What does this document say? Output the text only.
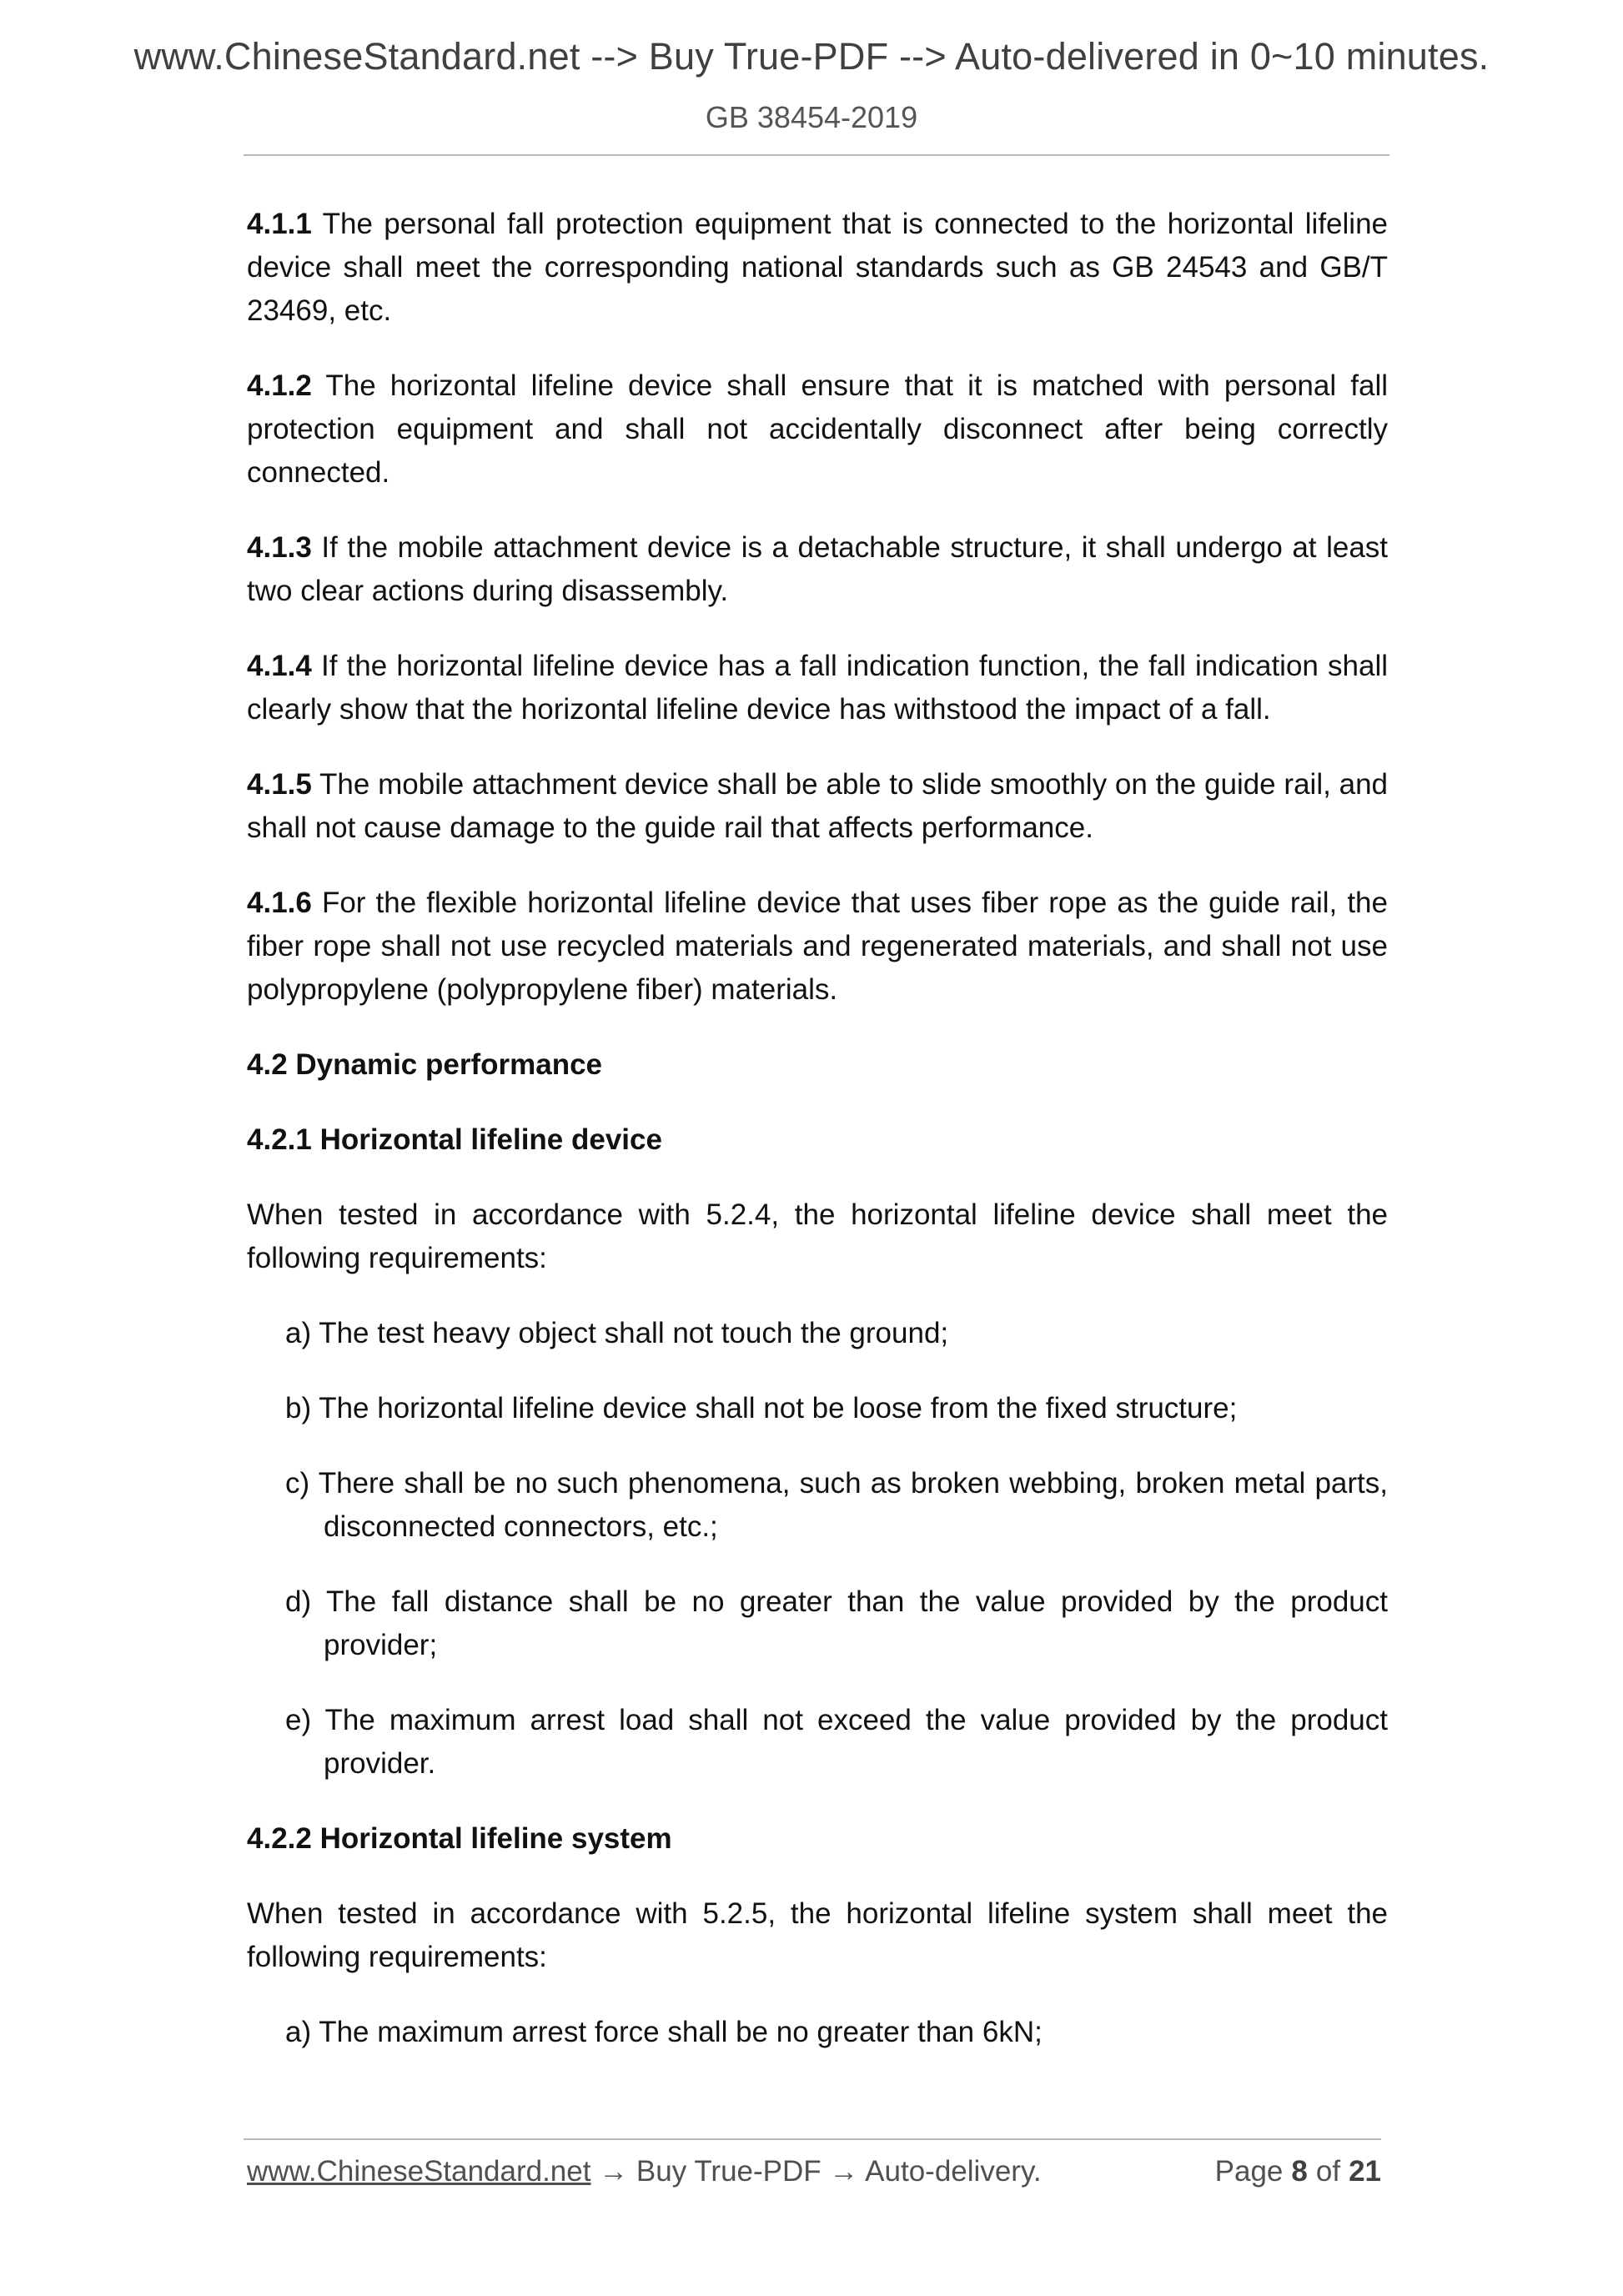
www.ChineseStandard.net --> Buy True-PDF --> Auto-delivered in 0~10 minutes.
GB 38454-2019

4.1.1 The personal fall protection equipment that is connected to the horizontal lifeline device shall meet the corresponding national standards such as GB 24543 and GB/T 23469, etc.

4.1.2 The horizontal lifeline device shall ensure that it is matched with personal fall protection equipment and shall not accidentally disconnect after being correctly connected.

4.1.3 If the mobile attachment device is a detachable structure, it shall undergo at least two clear actions during disassembly.

4.1.4 If the horizontal lifeline device has a fall indication function, the fall indication shall clearly show that the horizontal lifeline device has withstood the impact of a fall.

4.1.5 The mobile attachment device shall be able to slide smoothly on the guide rail, and shall not cause damage to the guide rail that affects performance.

4.1.6 For the flexible horizontal lifeline device that uses fiber rope as the guide rail, the fiber rope shall not use recycled materials and regenerated materials, and shall not use polypropylene (polypropylene fiber) materials.

4.2 Dynamic performance

4.2.1 Horizontal lifeline device

When tested in accordance with 5.2.4, the horizontal lifeline device shall meet the following requirements:

a) The test heavy object shall not touch the ground;

b) The horizontal lifeline device shall not be loose from the fixed structure;

c) There shall be no such phenomena, such as broken webbing, broken metal parts, disconnected connectors, etc.;

d) The fall distance shall be no greater than the value provided by the product provider;

e) The maximum arrest load shall not exceed the value provided by the product provider.

4.2.2 Horizontal lifeline system

When tested in accordance with 5.2.5, the horizontal lifeline system shall meet the following requirements:

a) The maximum arrest force shall be no greater than 6kN;

www.ChineseStandard.net → Buy True-PDF → Auto-delivery.	Page 8 of 21
